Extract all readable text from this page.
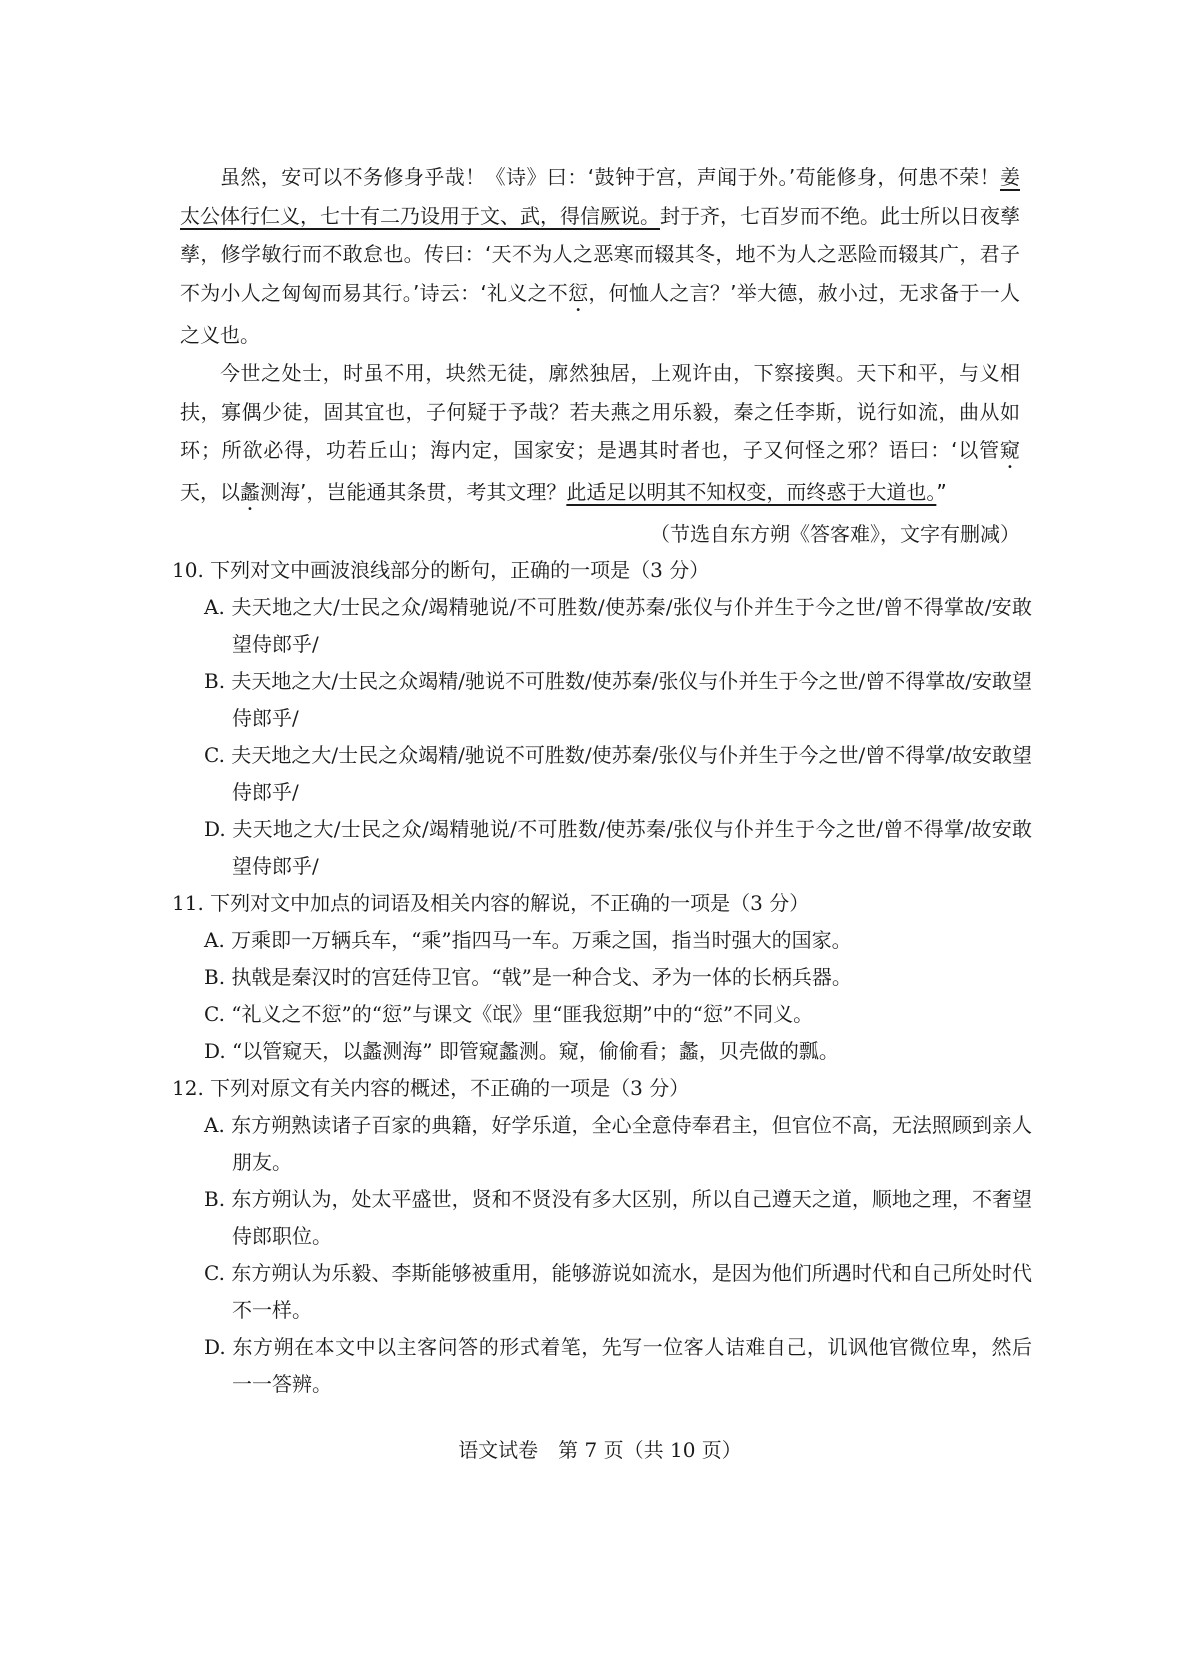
虽然，安可以不务修身乎哉！《诗》曰：‘鼓钟于宫，声闻于外。’苟能修身，何患不荣！姜太公体行仁义，七十有二乃设用于文、武，得信厥说。封于齐，七百岁而不绝。此士所以日夜孳孳，修学敏行而不敢怠也。传曰：‘天不为人之恶寒而辍其冬，地不为人之恶险而辍其广，君子不为小人之匈匈而易其行。’诗云：‘礼义之不愆，何恤人之言？’举大德，赦小过，无求备于一人之义也。

今世之处士，时虽不用，块然无徒，廓然独居，上观许由，下察接舆。天下和平，与义相扶，寡偶少徒，固其宜也，子何疑于予哉？若夫燕之用乐毅，秦之任李斯，说行如流，曲从如环；所欲必得，功若丘山；海内定，国家安；是遇其时者也，子又何怪之邪？语曰：‘以管窥天，以蠡测海’，岂能通其条贯，考其文理？此适足以明其不知权变，而终惑于大道也。”

（节选自东方朔《答客难》，文字有删减）

10. 下列对文中画波浪线部分的断句，正确的一项是（3 分）

A. 夫天地之大/士民之众/竭精驰说/不可胜数/使苏秦/张仪与仆并生于今之世/曾不得掌故/安敢望侍郎乎/

B. 夫天地之大/士民之众竭精/驰说不可胜数/使苏秦/张仪与仆并生于今之世/曾不得掌故/安敢望侍郎乎/

C. 夫天地之大/士民之众竭精/驰说不可胜数/使苏秦/张仪与仆并生于今之世/曾不得掌/故安敢望侍郎乎/

D. 夫天地之大/士民之众/竭精驰说/不可胜数/使苏秦/张仪与仆并生于今之世/曾不得掌/故安敢望侍郎乎/

11. 下列对文中加点的词语及相关内容的解说，不正确的一项是（3 分）

A. 万乘即一万辆兵车，“乘”指四马一车。万乘之国，指当时强大的国家。

B. 执戟是秦汉时的宫廷侍卫官。“戟”是一种合戈、矛为一体的长柄兵器。

C. “礼义之不愆”的“愆”与课文《氓》里“匪我愆期”中的“愆”不同义。

D. “以管窥天，以蠡测海” 即管窥蠡测。窥，偷偷看；蠡，贝壳做的瓢。

12. 下列对原文有关内容的概述，不正确的一项是（3 分）

A. 东方朔熟读诸子百家的典籍，好学乐道，全心全意侍奉君主，但官位不高，无法照顾到亲人朋友。

B. 东方朔认为，处太平盛世，贤和不贤没有多大区别，所以自己遵天之道，顺地之理，不奢望侍郎职位。

C. 东方朔认为乐毅、李斯能够被重用，能够游说如流水，是因为他们所遇时代和自己所处时代不一样。

D. 东方朔在本文中以主客问答的形式着笔，先写一位客人诘难自己，讥讽他官微位卑，然后一一答辨。

语文试卷　第 7 页（共 10 页）
